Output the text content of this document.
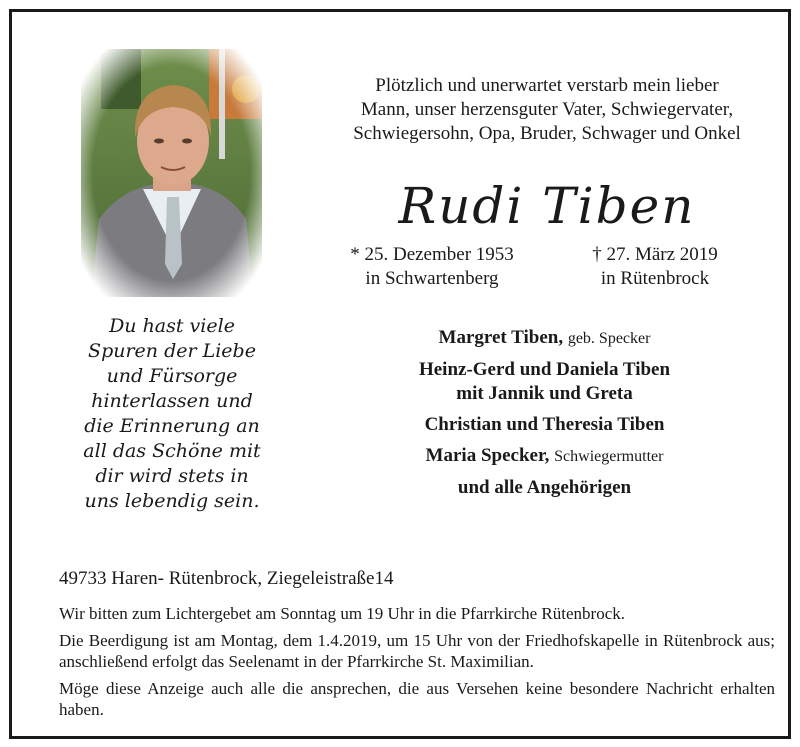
Plötzlich und unerwartet verstarb mein lieber
Mann, unser herzensguter Vater, Schwiegervater,
Schwiegersohn, Opa, Bruder, Schwager und Onkel
Rudi Tiben
* 25. Dezember 1953
in Schwartenberg
† 27. März 2019
in Rütenbrock
Du hast viele
Spuren der Liebe
und Fürsorge
hinterlassen und
die Erinnerung an
all das Schöne mit
dir wird stets in
uns lebendig sein.
Margret Tiben, geb. Specker
Heinz-Gerd und Daniela Tiben
mit Jannik und Greta
Christian und Theresia Tiben
Maria Specker, Schwiegermutter
und alle Angehörigen
49733 Haren- Rütenbrock, Ziegeleistraße14

Wir bitten zum Lichtergebet am Sonntag um 19 Uhr in die Pfarrkirche Rütenbrock.

Die Beerdigung ist am Montag, dem 1.4.2019, um 15 Uhr von der Friedhofskapelle in Rütenbrock aus; anschließend erfolgt das Seelenamt in der Pfarrkirche St. Maximilian.

Möge diese Anzeige auch alle die ansprechen, die aus Versehen keine besondere Nachricht erhalten haben.
